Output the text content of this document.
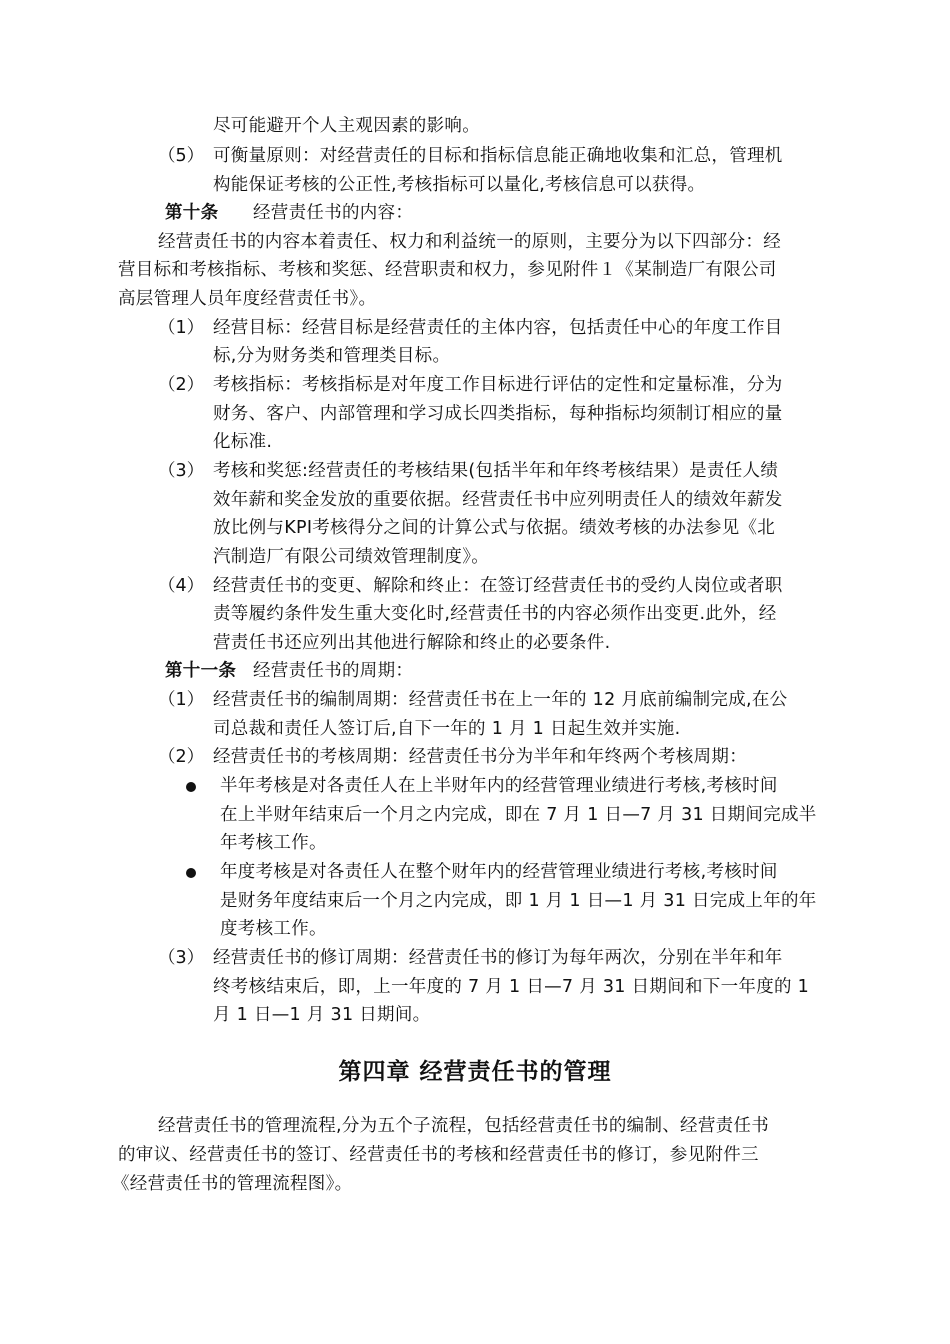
尽可能避开个人主观因素的影响。
（5） 可衡量原则：对经营责任的目标和指标信息能正确地收集和汇总，管理机
构能保证考核的公正性,考核指标可以量化,考核信息可以获得。
第十条 经营责任书的内容：
经营责任书的内容本着责任、权力和利益统一的原则，主要分为以下四部分：经
营目标和考核指标、考核和奖惩、经营职责和权力，参见附件１《某制造厂有限公司
高层管理人员年度经营责任书》。
（1） 经营目标：经营目标是经营责任的主体内容，包括责任中心的年度工作目
标,分为财务类和管理类目标。
（2） 考核指标：考核指标是对年度工作目标进行评估的定性和定量标准，分为
财务、客户、内部管理和学习成长四类指标，每种指标均须制订相应的量
化标准.
（3） 考核和奖惩:经营责任的考核结果(包括半年和年终考核结果）是责任人绩
效年薪和奖金发放的重要依据。经营责任书中应列明责任人的绩效年薪发
放比例与KPI考核得分之间的计算公式与依据。绩效考核的办法参见《北
汽制造厂有限公司绩效管理制度》。
（4） 经营责任书的变更、解除和终止：在签订经营责任书的受约人岗位或者职
责等履约条件发生重大变化时,经营责任书的内容必须作出变更.此外，经
营责任书还应列出其他进行解除和终止的必要条件.
第十一条 经营责任书的周期：
（1） 经营责任书的编制周期：经营责任书在上一年的 12 月底前编制完成,在公
司总裁和责任人签订后,自下一年的 1 月 1 日起生效并实施.
（2） 经营责任书的考核周期：经营责任书分为半年和年终两个考核周期：
半年考核是对各责任人在上半财年内的经营管理业绩进行考核,考核时间
在上半财年结束后一个月之内完成，即在 7 月 1 日—7 月 31 日期间完成半
年考核工作。
年度考核是对各责任人在整个财年内的经营管理业绩进行考核,考核时间
是财务年度结束后一个月之内完成，即 1 月 1 日—1 月 31 日完成上年的年
度考核工作。
（3） 经营责任书的修订周期：经营责任书的修订为每年两次，分别在半年和年
终考核结束后，即，上一年度的 7 月 1 日—7 月 31 日期间和下一年度的 1
月 1 日—1 月 31 日期间。
第四章 经营责任书的管理
经营责任书的管理流程,分为五个子流程，包括经营责任书的编制、经营责任书
的审议、经营责任书的签订、经营责任书的考核和经营责任书的修订，参见附件三
《经营责任书的管理流程图》。
